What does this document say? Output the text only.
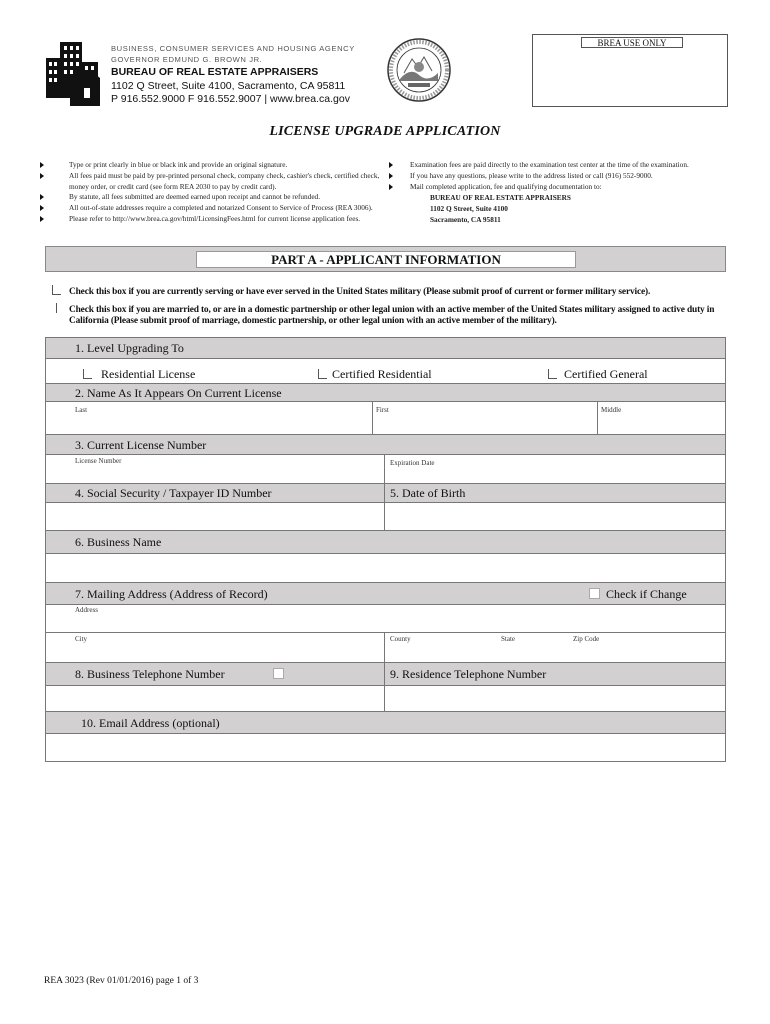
BUSINESS, CONSUMER SERVICES AND HOUSING AGENCY
GOVERNOR EDMUND G. BROWN JR.
BUREAU OF REAL ESTATE APPRAISERS
1102 Q Street, Suite 4100, Sacramento, CA 95811
P 916.552.9000 F 916.552.9007 | www.brea.ca.gov
BREA USE ONLY
LICENSE UPGRADE APPLICATION
Type or print clearly in blue or black ink and provide an original signature.
All fees paid must be paid by pre-printed personal check, company check, cashier's check, certified check, money order, or credit card (see form REA 2030 to pay by credit card).
By statute, all fees submitted are deemed earned upon receipt and cannot be refunded.
All out-of-state addresses require a completed and notarized Consent to Service of Process (REA 3006).
Please refer to http://www.brea.ca.gov/html/LicensingFees.html for current license application fees.
Examination fees are paid directly to the examination test center at the time of the examination.
If you have any questions, please write to the address listed or call (916) 552-9000.
Mail completed application, fee and qualifying documentation to:
BUREAU OF REAL ESTATE APPRAISERS
1102 Q Street, Suite 4100
Sacramento, CA 95811
PART A - APPLICANT INFORMATION
Check this box if you are currently serving or have ever served in the United States military (Please submit proof of current or former military service).
Check this box if you are married to, or are in a domestic partnership or other legal union with an active member of the United States military assigned to active duty in California (Please submit proof of marriage, domestic partnership, or other legal union with an active member of the military).
1. Level Upgrading To
Residential License	Certified Residential	Certified General
2. Name As It Appears On Current License
Last	First	Middle
3. Current License Number
License Number	Expiration Date
4. Social Security / Taxpayer ID Number	5. Date of Birth
6. Business Name
7. Mailing Address (Address of Record)	Check if Change
Address
City	County	State	Zip Code
8. Business Telephone Number	9. Residence Telephone Number
10. Email Address (optional)
REA 3023 (Rev 01/01/2016) page 1 of 3
